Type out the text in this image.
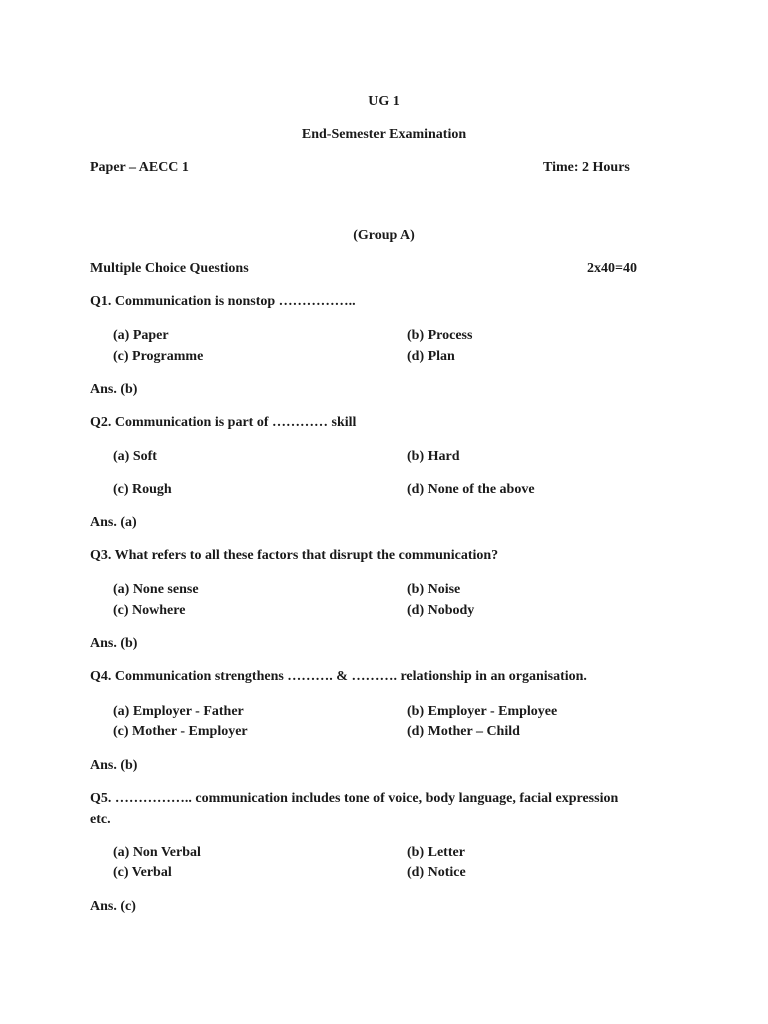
UG 1
End-Semester Examination
Paper – AECC 1	Time: 2 Hours
(Group A)
Multiple Choice Questions	2x40=40
Q1. Communication is nonstop ……………..
(a) Paper	(b) Process
(c) Programme	(d) Plan
Ans. (b)
Q2. Communication is part of ………… skill
(a) Soft	(b) Hard
(c) Rough	(d) None of the above
Ans. (a)
Q3. What refers to all these factors that disrupt the communication?
(a) None sense	(b) Noise
(c) Nowhere	(d) Nobody
Ans. (b)
Q4. Communication strengthens ………. & ………. relationship in an organisation.
(a) Employer - Father	(b) Employer - Employee
(c) Mother - Employer	(d) Mother – Child
Ans. (b)
Q5. …………….. communication includes tone of voice, body language, facial expression
etc.
(a) Non Verbal	(b) Letter
(c) Verbal	(d) Notice
Ans. (c)
